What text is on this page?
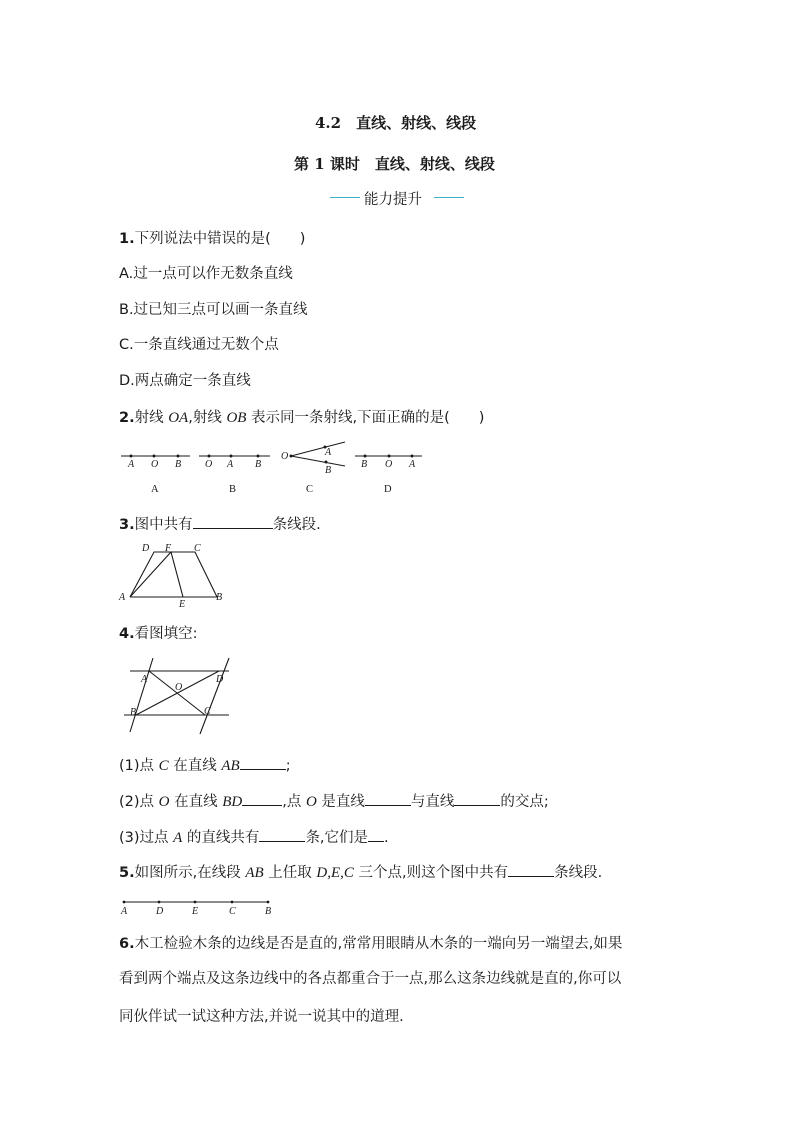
4.2　直线、射线、线段
第 1 课时　直线、射线、线段
能力提升
1.下列说法中错误的是(　　)
A.过一点可以作无数条直线
B.过已知三点可以画一条直线
C.一条直线通过无数个点
D.两点确定一条直线
2.射线 OA,射线 OB 表示同一条射线,下面正确的是(　　)
A O B
A
O A B
B
O	A
B
C
B O A
D
3.图中共有	条线段.
D F C
A
E
B
4.看图填空:
A
O
D
B	C
(1)点 C 在直线 AB	;
(2)点 O 在直线 BD	,点 O 是直线	与直线	的交点;
(3)过点 A 的直线共有	条,它们是 .
5.如图所示,在线段 AB 上任取 D,E,C 三个点,则这个图中共有	条线段.
A	D	E	C	B
6.木工检验木条的边线是否是直的,常常用眼睛从木条的一端向另一端望去,如果
看到两个端点及这条边线中的各点都重合于一点,那么这条边线就是直的,你可以
同伙伴试一试这种方法,并说一说其中的道理.
